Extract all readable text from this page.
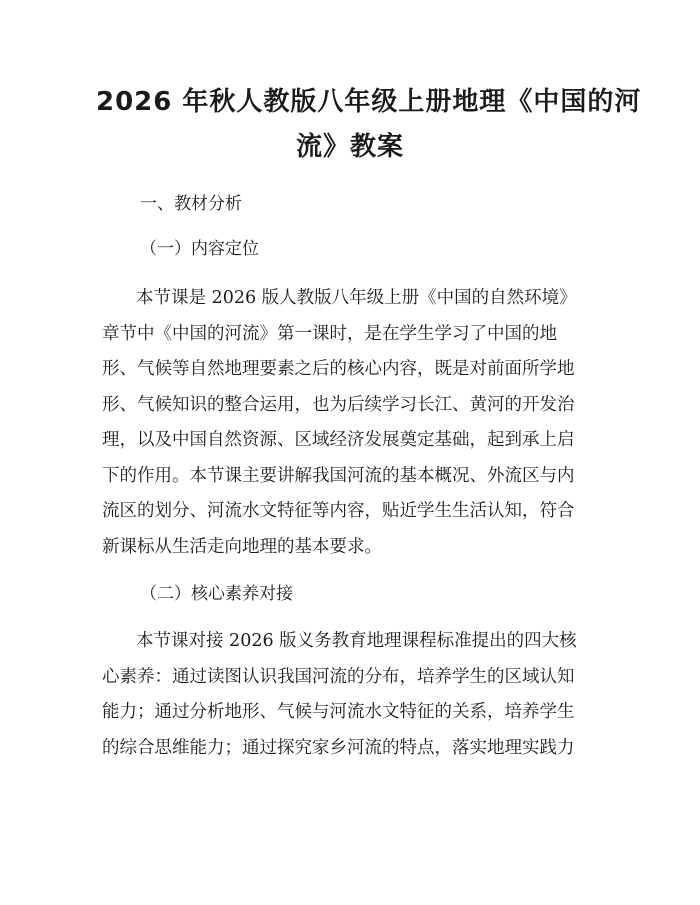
2026 年秋人教版八年级上册地理《中国的河
流》教案
一、教材分析
（一）内容定位
本节课是 2026 版人教版八年级上册《中国的自然环境》
章节中《中国的河流》第一课时，是在学生学习了中国的地
形、气候等自然地理要素之后的核心内容，既是对前面所学地
形、气候知识的整合运用，也为后续学习长江、黄河的开发治
理，以及中国自然资源、区域经济发展奠定基础，起到承上启
下的作用。本节课主要讲解我国河流的基本概况、外流区与内
流区的划分、河流水文特征等内容，贴近学生生活认知，符合
新课标从生活走向地理的基本要求。
（二）核心素养对接
本节课对接 2026 版义务教育地理课程标准提出的四大核
心素养：通过读图认识我国河流的分布，培养学生的区域认知
能力；通过分析地形、气候与河流水文特征的关系，培养学生
的综合思维能力；通过探究家乡河流的特点，落实地理实践力
